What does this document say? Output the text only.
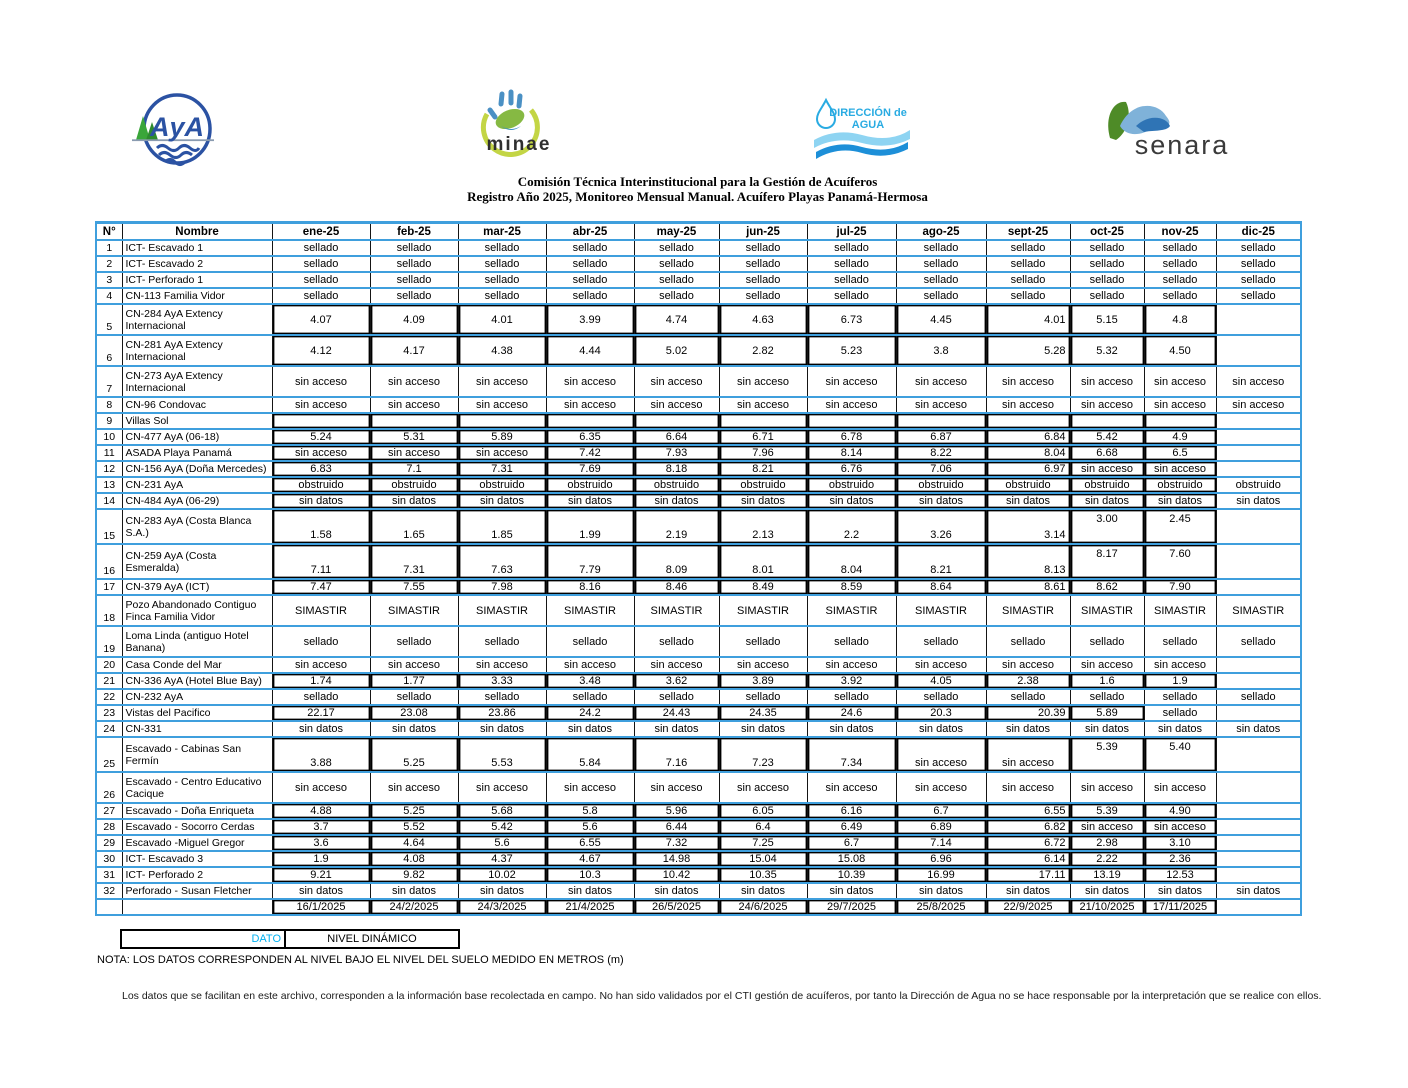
AyA
minae
DIRECCIÓN de
AGUA
senara
Comisión Técnica Interinstitucional para la Gestión de Acuíferos
Registro Año 2025, Monitoreo Mensual Manual. Acuífero Playas Panamá-Hermosa
N°	Nombre	ene-25	feb-25	mar-25	abr-25	may-25	jun-25	jul-25	ago-25	sept-25	oct-25	nov-25	dic-25
1	ICT- Escavado 1	sellado	sellado	sellado	sellado	sellado	sellado	sellado	sellado	sellado	sellado	sellado	sellado
2	ICT- Escavado 2	sellado	sellado	sellado	sellado	sellado	sellado	sellado	sellado	sellado	sellado	sellado	sellado
3	ICT- Perforado 1	sellado	sellado	sellado	sellado	sellado	sellado	sellado	sellado	sellado	sellado	sellado	sellado
4	CN-113 Familia Vidor	sellado	sellado	sellado	sellado	sellado	sellado	sellado	sellado	sellado	sellado	sellado	sellado
5	CN-284 AyA Extency Internacional	4.07	4.09	4.01	3.99	4.74	4.63	6.73	4.45	4.01	5.15	4.8	
6	CN-281 AyA Extency Internacional	4.12	4.17	4.38	4.44	5.02	2.82	5.23	3.8	5.28	5.32	4.50	
7	CN-273 AyA Extency Internacional	sin acceso	sin acceso	sin acceso	sin acceso	sin acceso	sin acceso	sin acceso	sin acceso	sin acceso	sin acceso	sin acceso	sin acceso
8	CN-96 Condovac	sin acceso	sin acceso	sin acceso	sin acceso	sin acceso	sin acceso	sin acceso	sin acceso	sin acceso	sin acceso	sin acceso	sin acceso
9	Villas Sol												
10	CN-477 AyA (06-18)	5.24	5.31	5.89	6.35	6.64	6.71	6.78	6.87	6.84	5.42	4.9	
11	ASADA Playa Panamá	sin acceso	sin acceso	sin acceso	7.42	7.93	7.96	8.14	8.22	8.04	6.68	6.5	
12	CN-156 AyA (Doña Mercedes)	6.83	7.1	7.31	7.69	8.18	8.21	6.76	7.06	6.97	sin acceso	sin acceso	
13	CN-231 AyA	obstruido	obstruido	obstruido	obstruido	obstruido	obstruido	obstruido	obstruido	obstruido	obstruido	obstruido	obstruido
14	CN-484 AyA (06-29)	sin datos	sin datos	sin datos	sin datos	sin datos	sin datos	sin datos	sin datos	sin datos	sin datos	sin datos	sin datos
15	CN-283 AyA (Costa Blanca S.A.)	1.58	1.65	1.85	1.99	2.19	2.13	2.2	3.26	3.14	3.00	2.45	
16	CN-259 AyA (Costa Esmeralda)	7.11	7.31	7.63	7.79	8.09	8.01	8.04	8.21	8.13	8.17	7.60	
17	CN-379 AyA (ICT)	7.47	7.55	7.98	8.16	8.46	8.49	8.59	8.64	8.61	8.62	7.90	
18	Pozo Abandonado Contiguo Finca Familia Vidor	SIMASTIR	SIMASTIR	SIMASTIR	SIMASTIR	SIMASTIR	SIMASTIR	SIMASTIR	SIMASTIR	SIMASTIR	SIMASTIR	SIMASTIR	SIMASTIR
19	Loma Linda (antiguo Hotel Banana)	sellado	sellado	sellado	sellado	sellado	sellado	sellado	sellado	sellado	sellado	sellado	sellado
20	Casa Conde del Mar	sin acceso	sin acceso	sin acceso	sin acceso	sin acceso	sin acceso	sin acceso	sin acceso	sin acceso	sin acceso	sin acceso	
21	CN-336 AyA (Hotel Blue Bay)	1.74	1.77	3.33	3.48	3.62	3.89	3.92	4.05	2.38	1.6	1.9	
22	CN-232 AyA	sellado	sellado	sellado	sellado	sellado	sellado	sellado	sellado	sellado	sellado	sellado	sellado
23	Vistas del Pacifico	22.17	23.08	23.86	24.2	24.43	24.35	24.6	20.3	20.39	5.89	sellado	
24	CN-331	sin datos	sin datos	sin datos	sin datos	sin datos	sin datos	sin datos	sin datos	sin datos	sin datos	sin datos	sin datos
25	Escavado - Cabinas San Fermín	3.88	5.25	5.53	5.84	7.16	7.23	7.34	sin acceso	sin acceso	5.39	5.40	
26	Escavado - Centro Educativo Cacique	sin acceso	sin acceso	sin acceso	sin acceso	sin acceso	sin acceso	sin acceso	sin acceso	sin acceso	sin acceso	sin acceso	
27	Escavado - Doña Enriqueta	4.88	5.25	5.68	5.8	5.96	6.05	6.16	6.7	6.55	5.39	4.90	
28	Escavado - Socorro Cerdas	3.7	5.52	5.42	5.6	6.44	6.4	6.49	6.89	6.82	sin acceso	sin acceso	
29	Escavado -Miguel Gregor	3.6	4.64	5.6	6.55	7.32	7.25	6.7	7.14	6.72	2.98	3.10	
30	ICT- Escavado 3	1.9	4.08	4.37	4.67	14.98	15.04	15.08	6.96	6.14	2.22	2.36	
31	ICT- Perforado 2	9.21	9.82	10.02	10.3	10.42	10.35	10.39	16.99	17.11	13.19	12.53	
32	Perforado - Susan Fletcher	sin datos	sin datos	sin datos	sin datos	sin datos	sin datos	sin datos	sin datos	sin datos	sin datos	sin datos	sin datos
		16/1/2025	24/2/2025	24/3/2025	21/4/2025	26/5/2025	24/6/2025	29/7/2025	25/8/2025	22/9/2025	21/10/2025	17/11/2025	
DATO	NIVEL DINÁMICO
NOTA: LOS DATOS CORRESPONDEN AL NIVEL BAJO EL NIVEL DEL SUELO MEDIDO EN METROS (m)
Los datos que se facilitan en este archivo, corresponden a la información base recolectada en campo. No han sido validados por el CTI gestión de acuíferos, por tanto la Dirección de Agua no se hace responsable por la interpretación que se realice con ellos.
